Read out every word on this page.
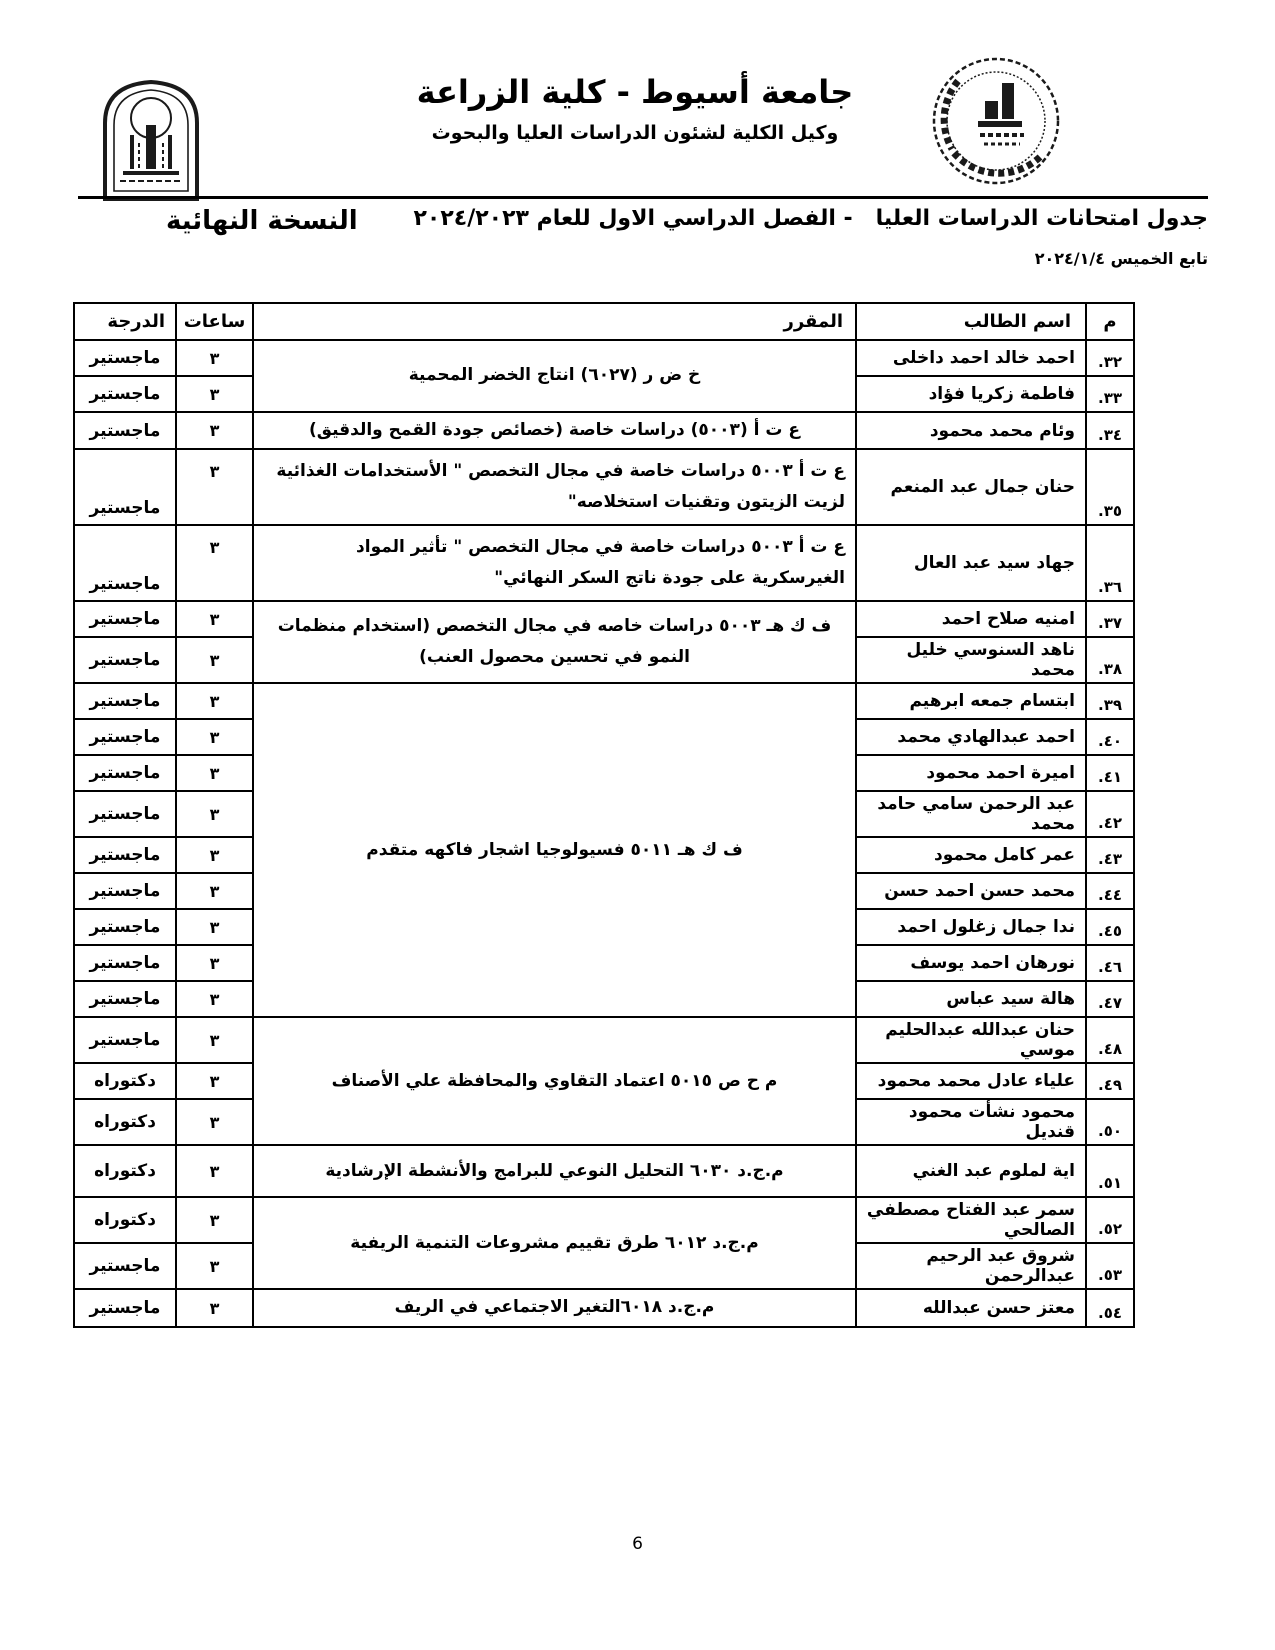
جامعة أسيوط - كلية الزراعة
وكيل الكلية لشئون الدراسات العليا والبحوث
جدول امتحانات الدراسات العليا   - الفصل الدراسي الاول للعام ٢٠٢٤/٢٠٢٣
النسخة النهائية
تابع الخميس ٢٠٢٤/١/٤
م	اسم الطالب	المقرر	ساعات	الدرجة
٣٢.	احمد خالد احمد داخلى	خ ض ر (٦٠٢٧) انتاج الخضر المحمية	٣	ماجستير
٣٣.	فاطمة زكريا فؤاد		٣	ماجستير
٣٤.	وئام محمد محمود	ع ت أ (٥٠٠٣) دراسات خاصة (خصائص جودة القمح والدقيق)	٣	ماجستير
٣٥.	حنان جمال عبد المنعم	ع ت أ ٥٠٠٣ دراسات خاصة في مجال التخصص " الأستخدامات الغذائية لزيت الزيتون وتقنيات استخلاصه"	٣	ماجستير
٣٦.	جهاد سيد عبد العال	ع ت أ ٥٠٠٣ دراسات خاصة في مجال التخصص " تأثير المواد الغيرسكرية على جودة ناتج السكر النهائي"	٣	ماجستير
٣٧.	امنيه صلاح احمد	ف ك هـ ٥٠٠٣ دراسات خاصه في مجال التخصص (استخدام منظمات النمو في تحسين محصول العنب)	٣	ماجستير
٣٨.	ناهد السنوسي خليل محمد		٣	ماجستير
٣٩.	ابتسام جمعه ابرهيم	ف ك هـ ٥٠١١ فسيولوجيا اشجار فاكهه متقدم	٣	ماجستير
٤٠.	احمد عبدالهادي محمد		٣	ماجستير
٤١.	اميرة احمد محمود		٣	ماجستير
٤٢.	عبد الرحمن سامي حامد محمد		٣	ماجستير
٤٣.	عمر كامل محمود		٣	ماجستير
٤٤.	محمد حسن احمد حسن		٣	ماجستير
٤٥.	ندا جمال زغلول احمد		٣	ماجستير
٤٦.	نورهان احمد يوسف		٣	ماجستير
٤٧.	هالة سيد عباس		٣	ماجستير
٤٨.	حنان عبدالله عبدالحليم موسي	م ح ص ٥٠١٥ اعتماد التقاوي والمحافظة علي الأصناف	٣	ماجستير
٤٩.	علياء عادل محمد محمود		٣	دكتوراه
٥٠.	محمود نشأت محمود قنديل		٣	دكتوراه
٥١.	اية لملوم عبد الغني	م.ج.د ٦٠٣٠ التحليل النوعي للبرامج والأنشطة الإرشادية	٣	دكتوراه
٥٢.	سمر عبد الفتاح مصطفي الصالحي	م.ج.د ٦٠١٢ طرق تقييم مشروعات التنمية الريفية	٣	دكتوراه
٥٣.	شروق عبد الرحيم عبدالرحمن		٣	ماجستير
٥٤.	معتز حسن عبدالله	م.ج.د ٦٠١٨التغير الاجتماعي في الريف	٣	ماجستير
6
